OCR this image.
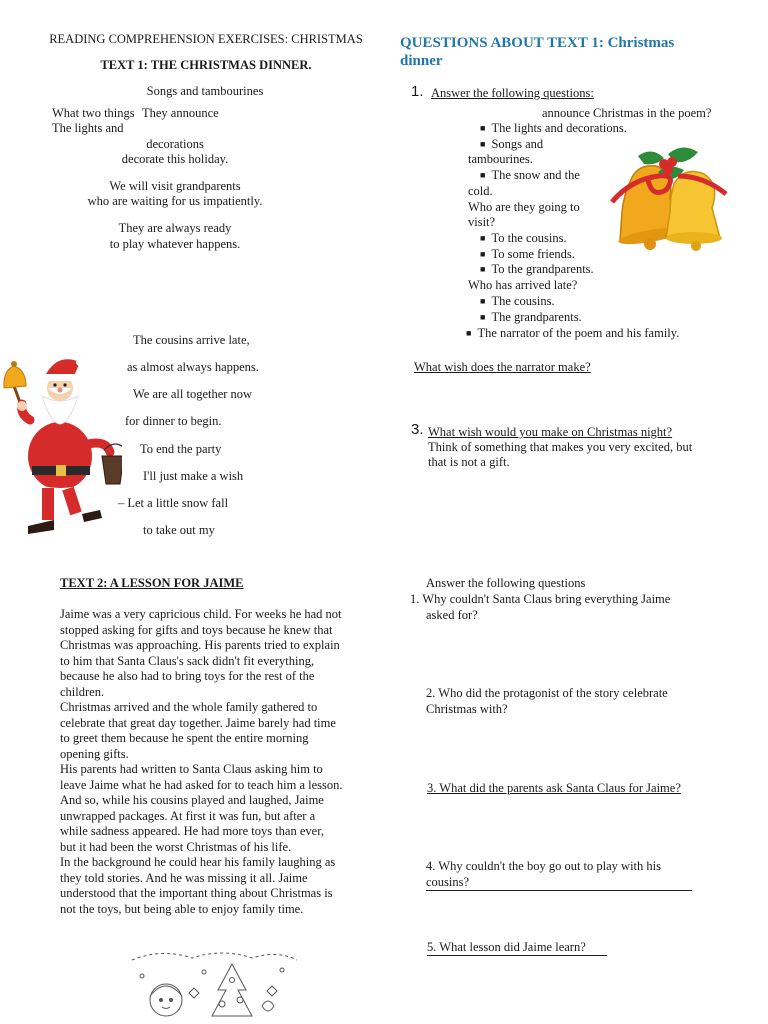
READING COMPREHENSION EXERCISES: CHRISTMAS
TEXT 1: THE CHRISTMAS DINNER.
Songs and tambourines
What two things They announce
The lights and
decorations
decorate this holiday.
We will visit grandparents
who are waiting for us impatiently.
They are always ready
to play whatever happens.
The cousins arrive late,
as almost always happens.
We are all together now
for dinner to begin.
To end the party
I'll just make a wish
– Let a little snow fall
to take out my
TEXT 2: A LESSON FOR JAIME

Jaime was a very capricious child. For weeks he had not

stopped asking for gifts and toys because he knew that

Christmas was approaching. His parents tried to explain

to him that Santa Claus's sack didn't fit everything,

because he also had to bring toys for the rest of the

children.

Christmas arrived and the whole family gathered to

celebrate that great day together. Jaime barely had time

to greet them because he spent the entire morning

opening gifts.

His parents had written to Santa Claus asking him to

leave Jaime what he had asked for to teach him a lesson.

And so, while his cousins played and laughed, Jaime

unwrapped packages. At first it was fun, but after a

while sadness appeared. He had more toys than ever,

but it had been the worst Christmas of his life.

In the background he could hear his family laughing as

they told stories. And he was missing it all. Jaime

understood that the important thing about Christmas is

not the toys, but being able to enjoy family time.

QUESTIONS ABOUT TEXT 1: Christmas
dinner
1. Answer the following questions:
announce Christmas in the poem?
■ The lights and decorations.
■ Songs and
tambourines.
■ The snow and the
cold.
Who are they going to
visit?
■ To the cousins.
■ To some friends.
■ To the grandparents.
Who has arrived late?
■ The cousins.
■ The grandparents.
■ The narrator of the poem and his family.
What wish does the narrator make?
3. What wish would you make on Christmas night?
Think of something that makes you very excited, but
that is not a gift.
Answer the following questions
1. Why couldn't Santa Claus bring everything Jaime
asked for?
2. Who did the protagonist of the story celebrate
Christmas with?
3. What did the parents ask Santa Claus for Jaime?
4. Why couldn't the boy go out to play with his
cousins?
5. What lesson did Jaime learn?
